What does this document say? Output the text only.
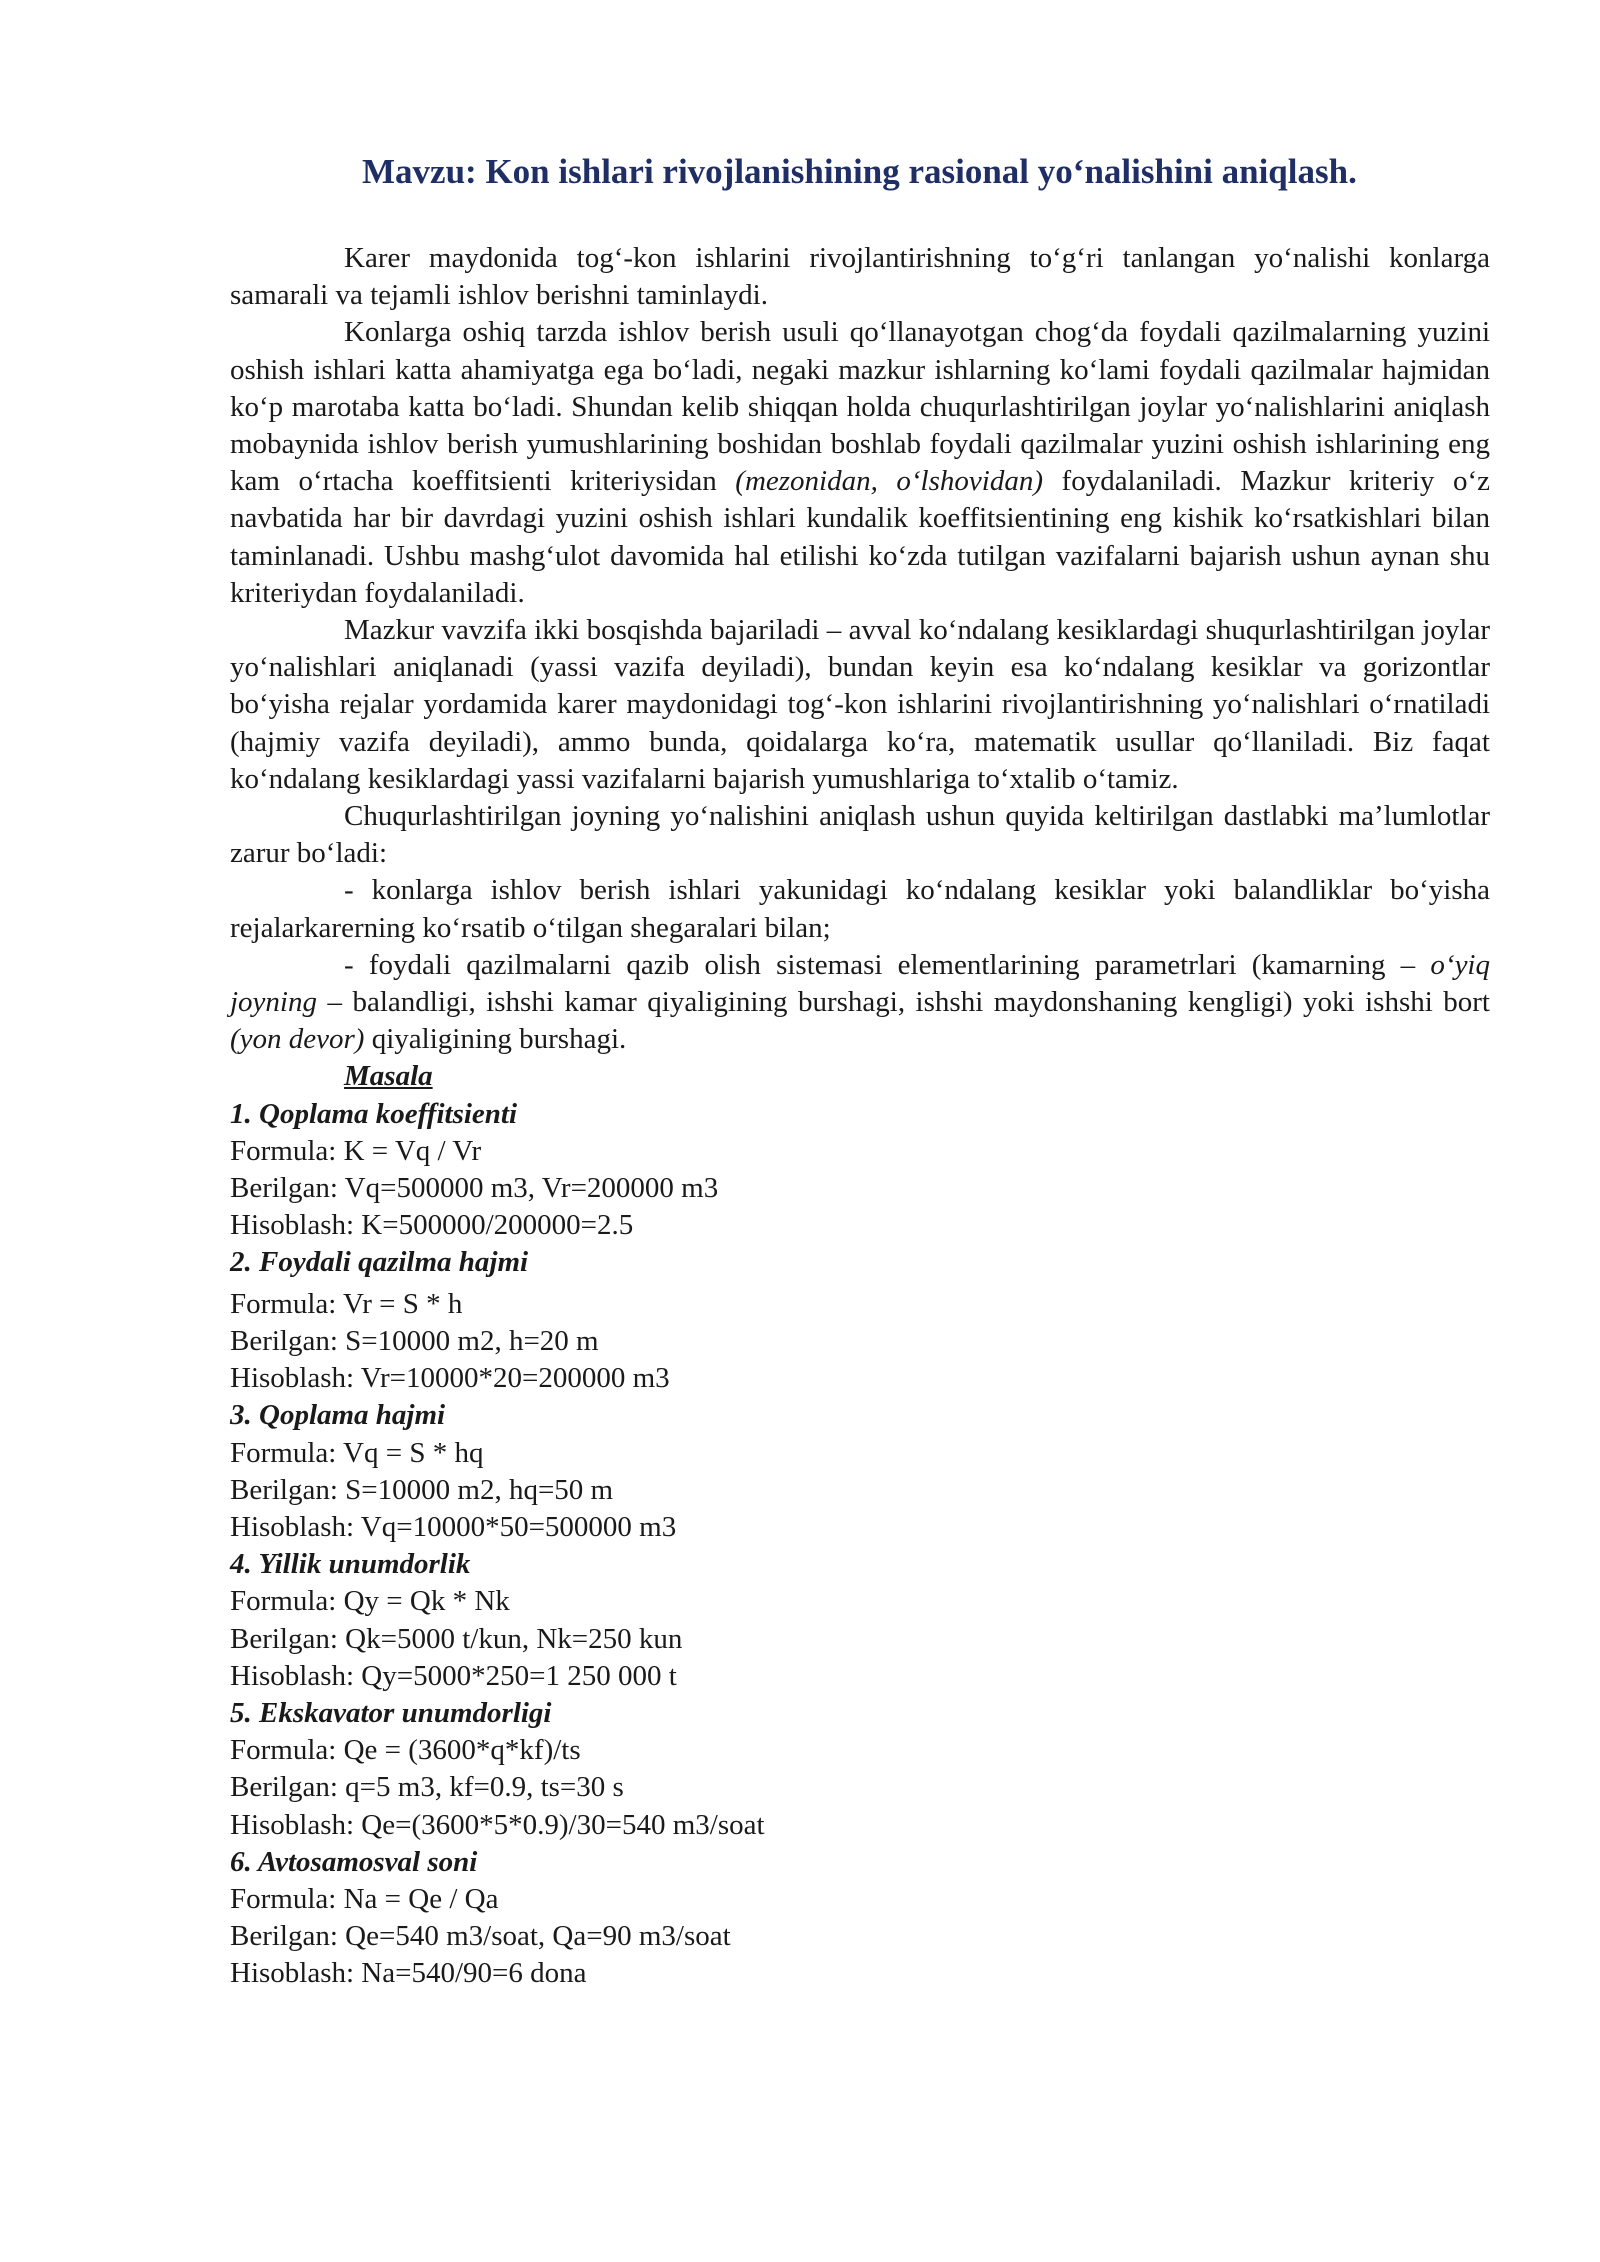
Mavzu: Kon ishlari rivojlanishining rasional yo‘nalishini aniqlash.

Karer maydonida tog‘-kon ishlarini rivojlantirishning to‘g‘ri tanlangan yo‘nalishi konlarga samarali va tejamli ishlov berishni taminlaydi.

Konlarga oshiq tarzda ishlov berish usuli qo‘llanayotgan chog‘da foydali qazilmalarning yuzini oshish ishlari katta ahamiyatga ega bo‘ladi, negaki mazkur ishlarning ko‘lami foydali qazilmalar hajmidan ko‘p marotaba katta bo‘ladi. Shundan kelib shiqqan holda chuqurlashtirilgan joylar yo‘nalishlarini aniqlash mobaynida ishlov berish yumushlarining boshidan boshlab foydali qazilmalar yuzini oshish ishlarining eng kam o‘rtacha koeffitsienti kriteriysidan (mezonidan, o‘lshovidan) foydalaniladi. Mazkur kriteriy o‘z navbatida har bir davrdagi yuzini oshish ishlari kundalik koeffitsientining eng kishik ko‘rsatkishlari bilan taminlanadi. Ushbu mashg‘ulot davomida hal etilishi ko‘zda tutilgan vazifalarni bajarish ushun aynan shu kriteriydan foydalaniladi.

Mazkur vavzifa ikki bosqishda bajariladi – avval ko‘ndalang kesiklardagi shuqurlashtirilgan joylar yo‘nalishlari aniqlanadi (yassi vazifa deyiladi), bundan keyin esa ko‘ndalang kesiklar va gorizontlar bo‘yisha rejalar yordamida karer maydonidagi tog‘-kon ishlarini rivojlantirishning yo‘nalishlari o‘rnatiladi (hajmiy vazifa deyiladi), ammo bunda, qoidalarga ko‘ra, matematik usullar qo‘llaniladi. Biz faqat ko‘ndalang kesiklardagi yassi vazifalarni bajarish yumushlariga to‘xtalib o‘tamiz.

Chuqurlashtirilgan joyning yo‘nalishini aniqlash ushun quyida keltirilgan dastlabki ma’lumlotlar zarur bo‘ladi:

- konlarga ishlov berish ishlari yakunidagi ko‘ndalang kesiklar yoki balandliklar bo‘yisha rejalarkarerning ko‘rsatib o‘tilgan shegaralari bilan;

- foydali qazilmalarni qazib olish sistemasi elementlarining parametrlari (kamarning – o‘yiq joyning – balandligi, ishshi kamar qiyaligining burshagi, ishshi maydonshaning kengligi) yoki ishshi bort (yon devor) qiyaligining burshagi.

Masala

1. Qoplama koeffitsienti

Formula: K = Vq / Vr

Berilgan: Vq=500000 m3, Vr=200000 m3

Hisoblash: K=500000/200000=2.5

2. Foydali qazilma hajmi

Formula: Vr = S * h

Berilgan: S=10000 m2, h=20 m

Hisoblash: Vr=10000*20=200000 m3

3. Qoplama hajmi

Formula: Vq = S * hq

Berilgan: S=10000 m2, hq=50 m

Hisoblash: Vq=10000*50=500000 m3

4. Yillik unumdorlik

Formula: Qy = Qk * Nk

Berilgan: Qk=5000 t/kun, Nk=250 kun

Hisoblash: Qy=5000*250=1 250 000 t

5. Ekskavator unumdorligi

Formula: Qe = (3600*q*kf)/ts

Berilgan: q=5 m3, kf=0.9, ts=30 s

Hisoblash: Qe=(3600*5*0.9)/30=540 m3/soat

6. Avtosamosval soni

Formula: Na = Qe / Qa

Berilgan: Qe=540 m3/soat, Qa=90 m3/soat

Hisoblash: Na=540/90=6 dona
